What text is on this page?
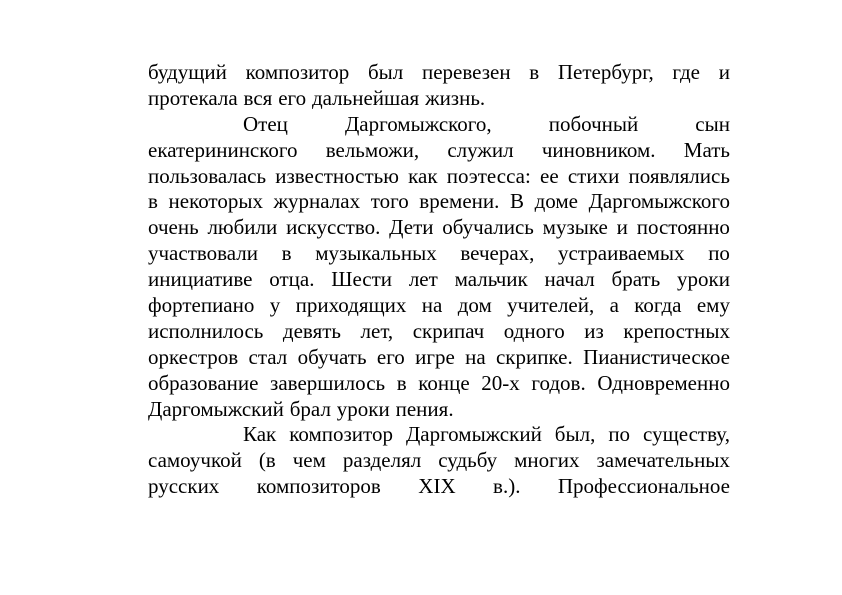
будущий композитор был перевезен в Петербург, где и
протекала вся его дальнейшая жизнь.
Отец	Даргомыжского,	побочный	сын
екатерининского вельможи, служил чиновником. Мать
пользовалась известностью как поэтесса: ее стихи появлялись
в некоторых журналах того времени. В доме Даргомыжского
очень любили искусство. Дети обучались музыке и постоянно
участвовали в музыкальных вечерах, устраиваемых по
инициативе отца. Шести лет мальчик начал брать уроки
фортепиано у приходящих на дом учителей, а когда ему
исполнилось девять лет, скрипач одного из крепостных
оркестров стал обучать его игре на скрипке. Пианистическое
образование завершилось в конце 20-х годов. Одновременно
Даргомыжский брал уроки пения.
Как композитор Даргомыжский был, по существу,
самоучкой (в чем разделял судьбу многих замечательных
русских композиторов XIX в.). Профессиональное
